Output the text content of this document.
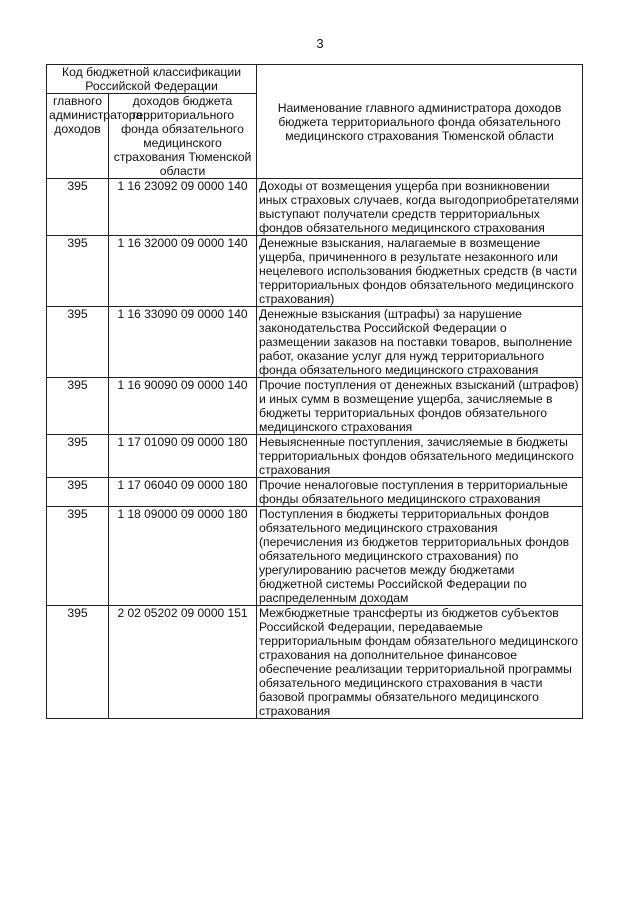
3
Код бюджетной классификации Российской Федерации		Наименование главного администратора доходов бюджета территориального фонда обязательного медицинского страхования Тюменской области
главного администратора доходов	доходов бюджета территориального фонда обязательного медицинского страхования Тюменской области	
395	1 16 23092 09 0000 140	Доходы от возмещения ущерба при возникновении иных страховых случаев, когда выгодоприобретателями выступают получатели средств территориальных фондов обязательного медицинского страхования
395	1 16 32000 09 0000 140	Денежные взыскания, налагаемые в возмещение ущерба, причиненного в результате незаконного или нецелевого использования бюджетных средств (в части территориальных фондов обязательного медицинского страхования)
395	1 16 33090 09 0000 140	Денежные взыскания (штрафы) за нарушение законодательства Российской Федерации о размещении заказов на поставки товаров, выполнение работ, оказание услуг для нужд территориального фонда обязательного медицинского страхования
395	1 16 90090 09 0000 140	Прочие поступления от денежных взысканий (штрафов) и иных сумм в возмещение ущерба, зачисляемые в бюджеты территориальных фондов обязательного медицинского страхования
395	1 17 01090 09 0000 180	Невыясненные поступления, зачисляемые в бюджеты территориальных фондов обязательного медицинского страхования
395	1 17 06040 09 0000 180	Прочие неналоговые поступления в территориальные фонды обязательного медицинского страхования
395	1 18 09000 09 0000 180	Поступления в бюджеты территориальных фондов обязательного медицинского страхования (перечисления из бюджетов территориальных фондов обязательного медицинского страхования) по урегулированию расчетов между бюджетами бюджетной системы Российской Федерации по распределенным доходам
395	2 02 05202 09 0000 151	Межбюджетные трансферты из бюджетов субъектов Российской Федерации, передаваемые территориальным фондам обязательного медицинского страхования на дополнительное финансовое обеспечение реализации территориальной программы обязательного медицинского страхования в части базовой программы обязательного медицинского страхования
